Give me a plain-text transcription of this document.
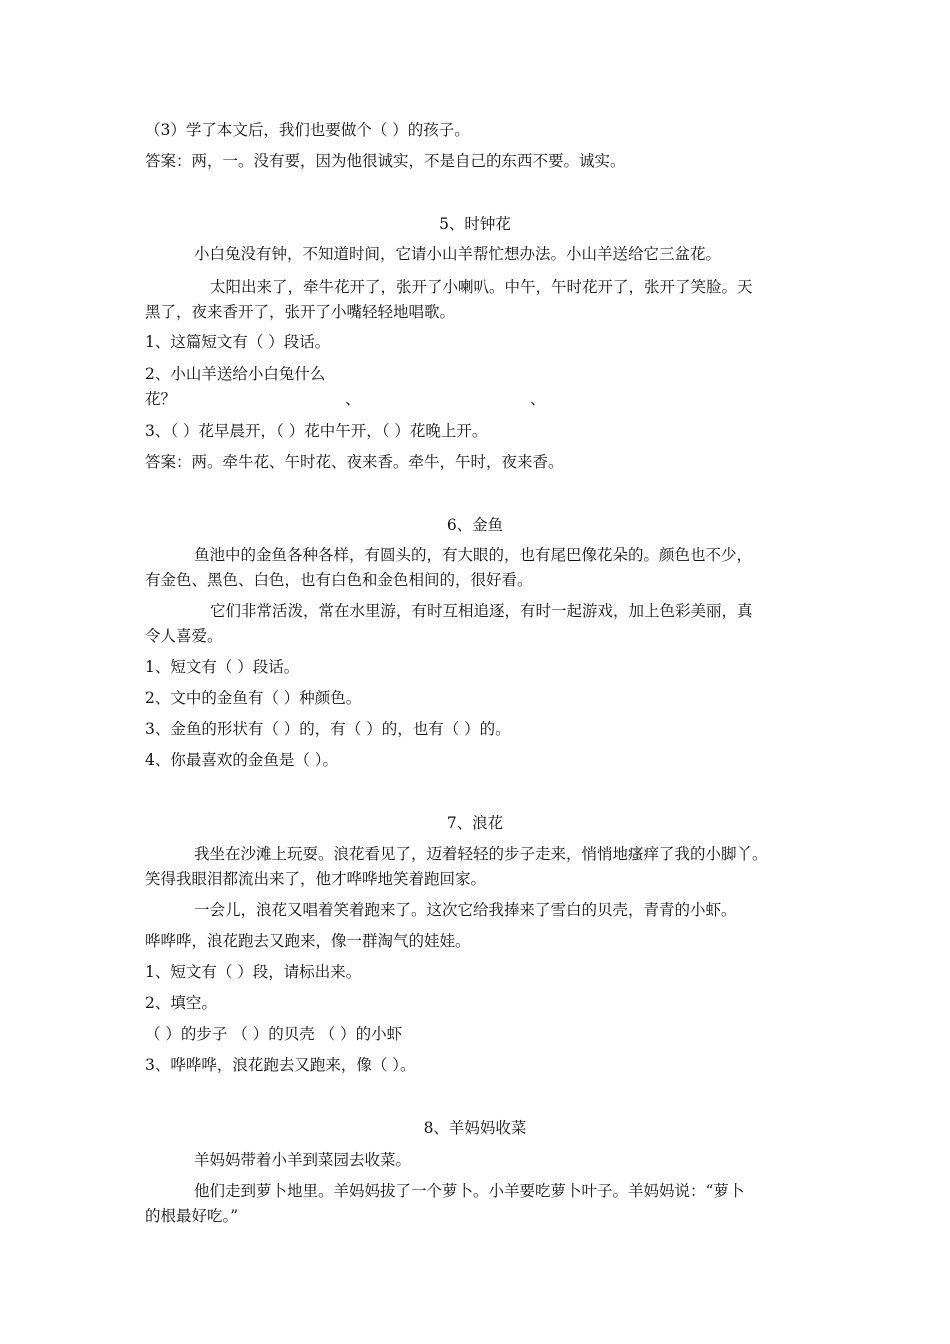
（3）学了本文后，我们也要做个（ ）的孩子。
答案：两，一。没有要，因为他很诚实，不是自己的东西不要。诚实。
5、时钟花
小白兔没有钟，不知道时间，它请小山羊帮忙想办法。小山羊送给它三盆花。
太阳出来了，牵牛花开了，张开了小喇叭。中午，午时花开了，张开了笑脸。天
黑了，夜来香开了，张开了小嘴轻轻地唱歌。
1、这篇短文有（ ）段话。
2、小山羊送给小白兔什么
花？	、	、
3、（ ）花早晨开，（ ）花中午开，（ ）花晚上开。
答案：两。牵牛花、午时花、夜来香。牵牛，午时，夜来香。
6、金鱼
鱼池中的金鱼各种各样，有圆头的，有大眼的，也有尾巴像花朵的。颜色也不少，
有金色、黑色、白色，也有白色和金色相间的，很好看。
它们非常活泼，常在水里游，有时互相追逐，有时一起游戏，加上色彩美丽，真
令人喜爱。
1、短文有（ ）段话。
2、文中的金鱼有（ ）种颜色。
3、金鱼的形状有（ ）的，有（ ）的，也有（ ）的。
4、你最喜欢的金鱼是（ ）。
7、浪花
我坐在沙滩上玩耍。浪花看见了，迈着轻轻的步子走来，悄悄地瘙痒了我的小脚丫。
笑得我眼泪都流出来了，他才哗哗地笑着跑回家。
一会儿，浪花又唱着笑着跑来了。这次它给我捧来了雪白的贝壳，青青的小虾。
哗哗哗，浪花跑去又跑来，像一群淘气的娃娃。
1、短文有（ ）段，请标出来。
2、填空。
（ ）的步子 （ ）的贝壳 （ ）的小虾
3、哗哗哗，浪花跑去又跑来，像（ ）。
8、羊妈妈收菜
羊妈妈带着小羊到菜园去收菜。
他们走到萝卜地里。羊妈妈拔了一个萝卜。小羊要吃萝卜叶子。羊妈妈说：“萝卜
的根最好吃。”
